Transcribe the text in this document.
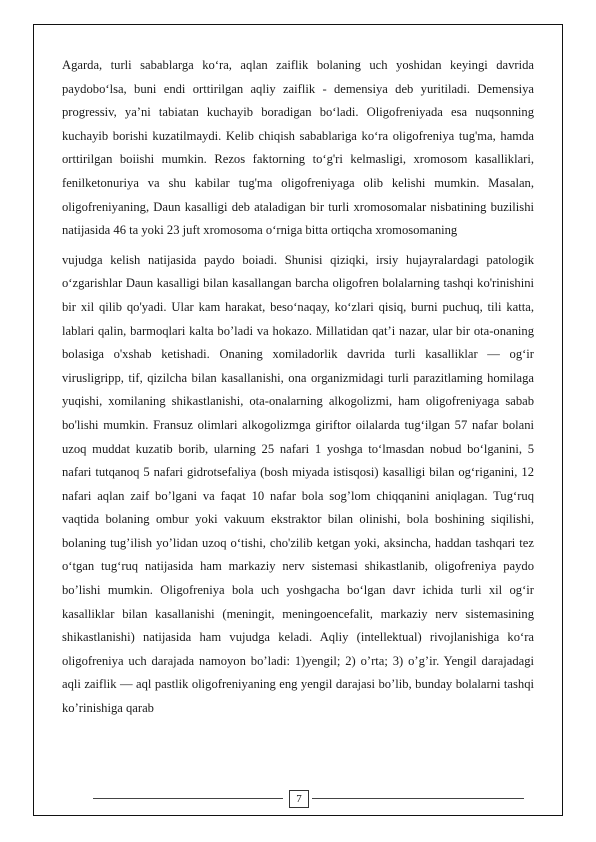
Agarda, turli sabablarga ko‘ra, aqlan zaiflik bolaning uch yoshidan keyingi davrida paydobo‘lsa, buni endi orttirilgan aqliy zaiflik - demensiya deb yuritiladi. Demensiya progressiv, ya’ni tabiatan kuchayib boradigan bo‘ladi. Oligofreniyada esa nuqsonning kuchayib borishi kuzatilmaydi. Kelib chiqish sabablariga ko‘ra oligofreniya tug'ma, hamda orttirilgan boiishi mumkin. Rezos faktorning to‘g'ri kelmasligi, xromosom kasalliklari, fenilketonuriya va shu kabilar tug'ma oligofreniyaga olib kelishi mumkin. Masalan, oligofreniyaning, Daun kasalligi deb ataladigan bir turli xromosomalar nisbatining buzilishi natijasida 46 ta yoki 23 juft xromosoma o‘rniga bitta ortiqcha xromosomaning

vujudga kelish natijasida paydo boiadi. Shunisi qiziqki, irsiy hujayralardagi patologik o‘zgarishlar Daun kasalligi bilan kasallangan barcha oligofren bolalarning tashqi ko'rinishini bir xil qilib qo'yadi. Ular kam harakat, beso‘naqay, ko‘zlari qisiq, burni puchuq, tili katta, lablari qalin, barmoqlari kalta bo’ladi va hokazo. Millatidan qat’i nazar, ular bir ota-onaning bolasiga o'xshab ketishadi. Onaning xomiladorlik davrida turli kasalliklar — og‘ir virusligripp, tif, qizilcha bilan kasallanishi, ona organizmidagi turli parazitlaming homilaga yuqishi, xomilaning shikastlanishi, ota-onalarning alkogolizmi, ham oligofreniyaga sabab bo'lishi mumkin. Fransuz olimlari alkogolizmga giriftor oilalarda tug‘ilgan 57 nafar bolani uzoq muddat kuzatib borib, ularning 25 nafari 1 yoshga to‘lmasdan nobud bo‘lganini, 5 nafari tutqanoq 5 nafari gidrotsefaliya (bosh miyada istisqosi) kasalligi bilan og‘riganini, 12 nafari aqlan zaif bo’lgani va faqat 10 nafar bola sog’lom chiqqanini aniqlagan. Tug‘ruq vaqtida bolaning ombur yoki vakuum ekstraktor bilan olinishi, bola boshining siqilishi, bolaning tug’ilish yo’lidan uzoq o‘tishi, cho'zilib ketgan yoki, aksincha, haddan tashqari tez o‘tgan tug‘ruq natijasida ham markaziy nerv sistemasi shikastlanib, oligofreniya paydo bo’lishi mumkin. Oligofreniya bola uch yoshgacha bo‘lgan davr ichida turli xil og‘ir kasalliklar bilan kasallanishi (meningit, meningoencefalit, markaziy nerv sistemasining shikastlanishi) natijasida ham vujudga keladi. Aqliy (intellektual) rivojlanishiga ko‘ra oligofreniya uch darajada namoyon bo’ladi: 1)yengil; 2) o’rta; 3) o’g’ir. Yengil darajadagi aqli zaiflik — aql pastlik oligofreniyaning eng yengil darajasi bo’lib, bunday bolalarni tashqi ko’rinishiga qarab

7
